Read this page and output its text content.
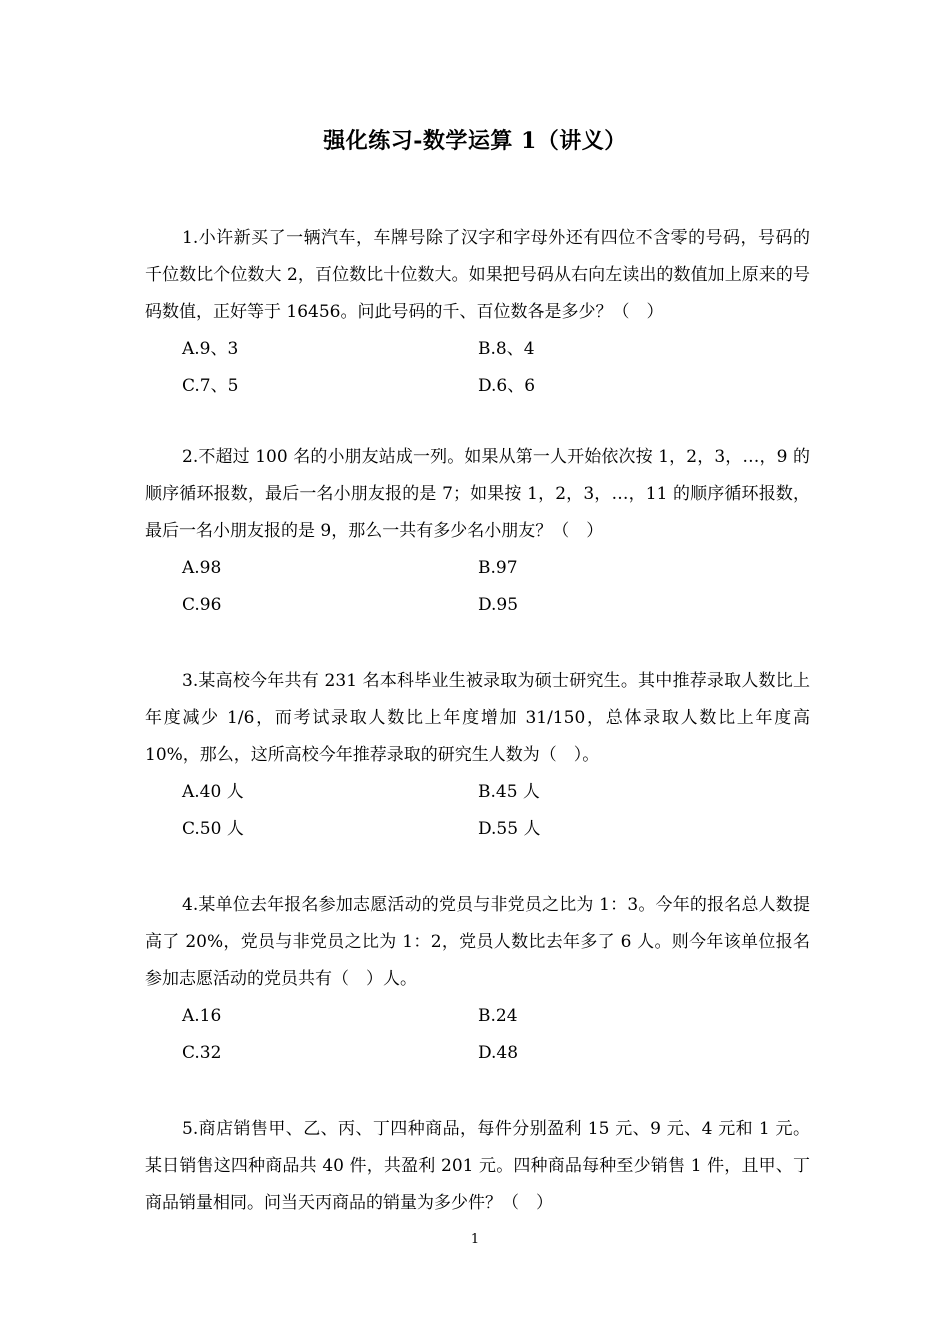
强化练习-数学运算 1（讲义）

1.小许新买了一辆汽车，车牌号除了汉字和字母外还有四位不含零的号码，号码的千位数比个位数大 2，百位数比十位数大。如果把号码从右向左读出的数值加上原来的号码数值，正好等于 16456。问此号码的千、百位数各是多少？（　）

A.9、3	B.8、4
C.7、5	D.6、6

2.不超过 100 名的小朋友站成一列。如果从第一人开始依次按 1，2，3，…，9 的顺序循环报数，最后一名小朋友报的是 7；如果按 1，2，3，…，11 的顺序循环报数，最后一名小朋友报的是 9，那么一共有多少名小朋友？（　）

A.98	B.97
C.96	D.95

3.某高校今年共有 231 名本科毕业生被录取为硕士研究生。其中推荐录取人数比上年度减少 1/6，而考试录取人数比上年度增加 31/150，总体录取人数比上年度高 10%，那么，这所高校今年推荐录取的研究生人数为（　）。

A.40 人	B.45 人
C.50 人	D.55 人

4.某单位去年报名参加志愿活动的党员与非党员之比为 1：3。今年的报名总人数提高了 20%，党员与非党员之比为 1：2，党员人数比去年多了 6 人。则今年该单位报名参加志愿活动的党员共有（　）人。

A.16	B.24
C.32	D.48

5.商店销售甲、乙、丙、丁四种商品，每件分别盈利 15 元、9 元、4 元和 1 元。某日销售这四种商品共 40 件，共盈利 201 元。四种商品每种至少销售 1 件，且甲、丁商品销量相同。问当天丙商品的销量为多少件？（　）

1
